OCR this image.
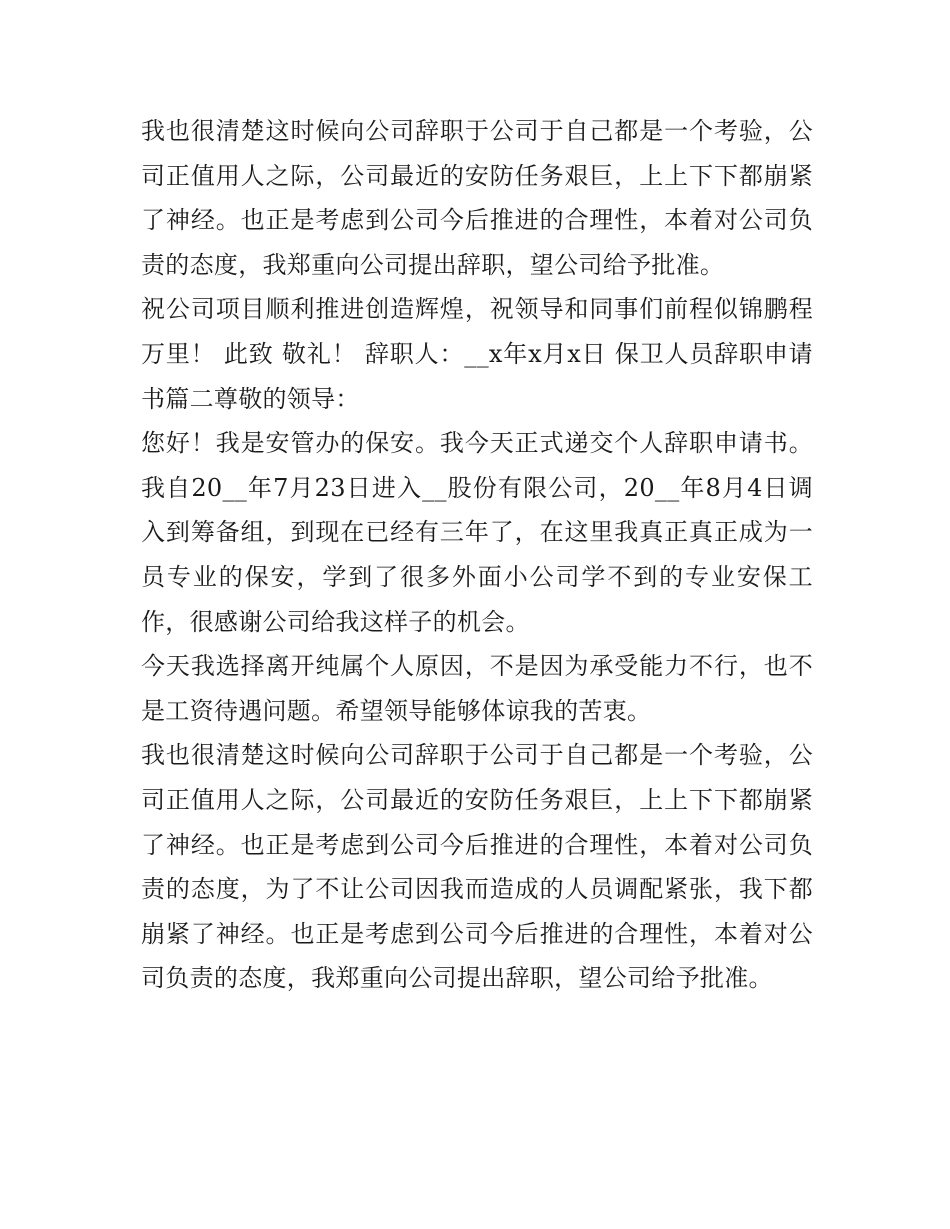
我也很清楚这时候向公司辞职于公司于自己都是一个考验，公司正值用人之际，公司最近的安防任务艰巨，上上下下都崩紧了神经。也正是考虑到公司今后推进的合理性，本着对公司负责的态度，我郑重向公司提出辞职，望公司给予批准。

祝公司项目顺利推进创造辉煌，祝领导和同事们前程似锦鹏程万里！ 此致 敬礼！ 辞职人：__x年x月x日 保卫人员辞职申请书篇二尊敬的领导：

您好！我是安管办的保安。我今天正式递交个人辞职申请书。我自20__年7月23日进入__股份有限公司，20__年8月4日调入到筹备组，到现在已经有三年了，在这里我真正真正成为一员专业的保安，学到了很多外面小公司学不到的专业安保工作，很感谢公司给我这样子的机会。

今天我选择离开纯属个人原因，不是因为承受能力不行，也不是工资待遇问题。希望领导能够体谅我的苦衷。

我也很清楚这时候向公司辞职于公司于自己都是一个考验，公司正值用人之际，公司最近的安防任务艰巨，上上下下都崩紧了神经。也正是考虑到公司今后推进的合理性，本着对公司负责的态度，为了不让公司因我而造成的人员调配紧张，我下都崩紧了神经。也正是考虑到公司今后推进的合理性，本着对公司负责的态度，我郑重向公司提出辞职，望公司给予批准。
